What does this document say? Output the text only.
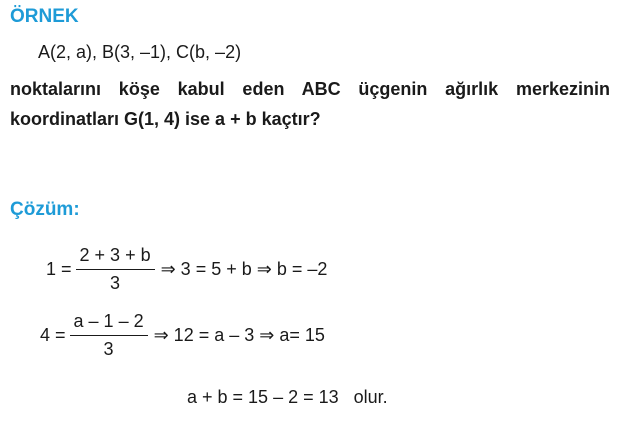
ÖRNEK
A(2, a), B(3, –1), C(b, –2)
noktalarını köşe kabul eden ABC üçgenin ağırlık merkezinin
koordinatları G(1, 4) ise a + b kaçtır?
Çözüm:
$1 = \frac{2 + 3 + b}{3}$ ⇒ 3 = 5 + b ⇒ b = –2
$4 = \frac{a - 1 - 2}{3}$ ⇒ 12 = a – 3 ⇒ a= 15
a + b = 15 – 2 = 13   olur.
